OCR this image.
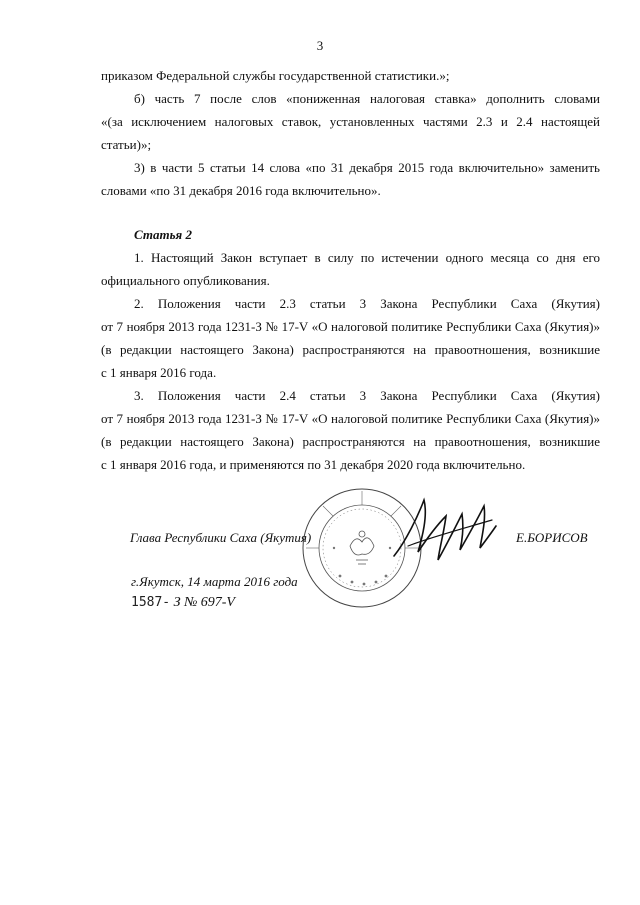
3
приказом Федеральной службы государственной статистики.»;
б) часть 7 после слов «пониженная налоговая ставка» дополнить словами
«(за исключением налоговых ставок, установленных частями 2.3 и 2.4 настоящей
статьи)»;
3) в части 5 статьи 14 слова «по 31 декабря 2015 года включительно» заменить
словами «по 31 декабря 2016 года включительно».
Статья 2
1. Настоящий Закон вступает в силу по истечении одного месяца со дня его
официального опубликования.
2. Положения части 2.3 статьи 3 Закона Республики Саха (Якутия)
от 7 ноября 2013 года 1231-З № 17-V «О налоговой политике Республики Саха (Якутия)»
(в редакции настоящего Закона) распространяются на правоотношения, возникшие
с 1 января 2016 года.
3. Положения части 2.4 статьи 3 Закона Республики Саха (Якутия)
от 7 ноября 2013 года 1231-З № 17-V «О налоговой политике Республики Саха (Якутия)»
(в редакции настоящего Закона) распространяются на правоотношения, возникшие
с 1 января 2016 года, и применяются по 31 декабря 2020 года включительно.
Глава Республики Саха (Якутия)	Е.БОРИСОВ
г.Якутск, 14 марта 2016 года
1587- З № 697-V
